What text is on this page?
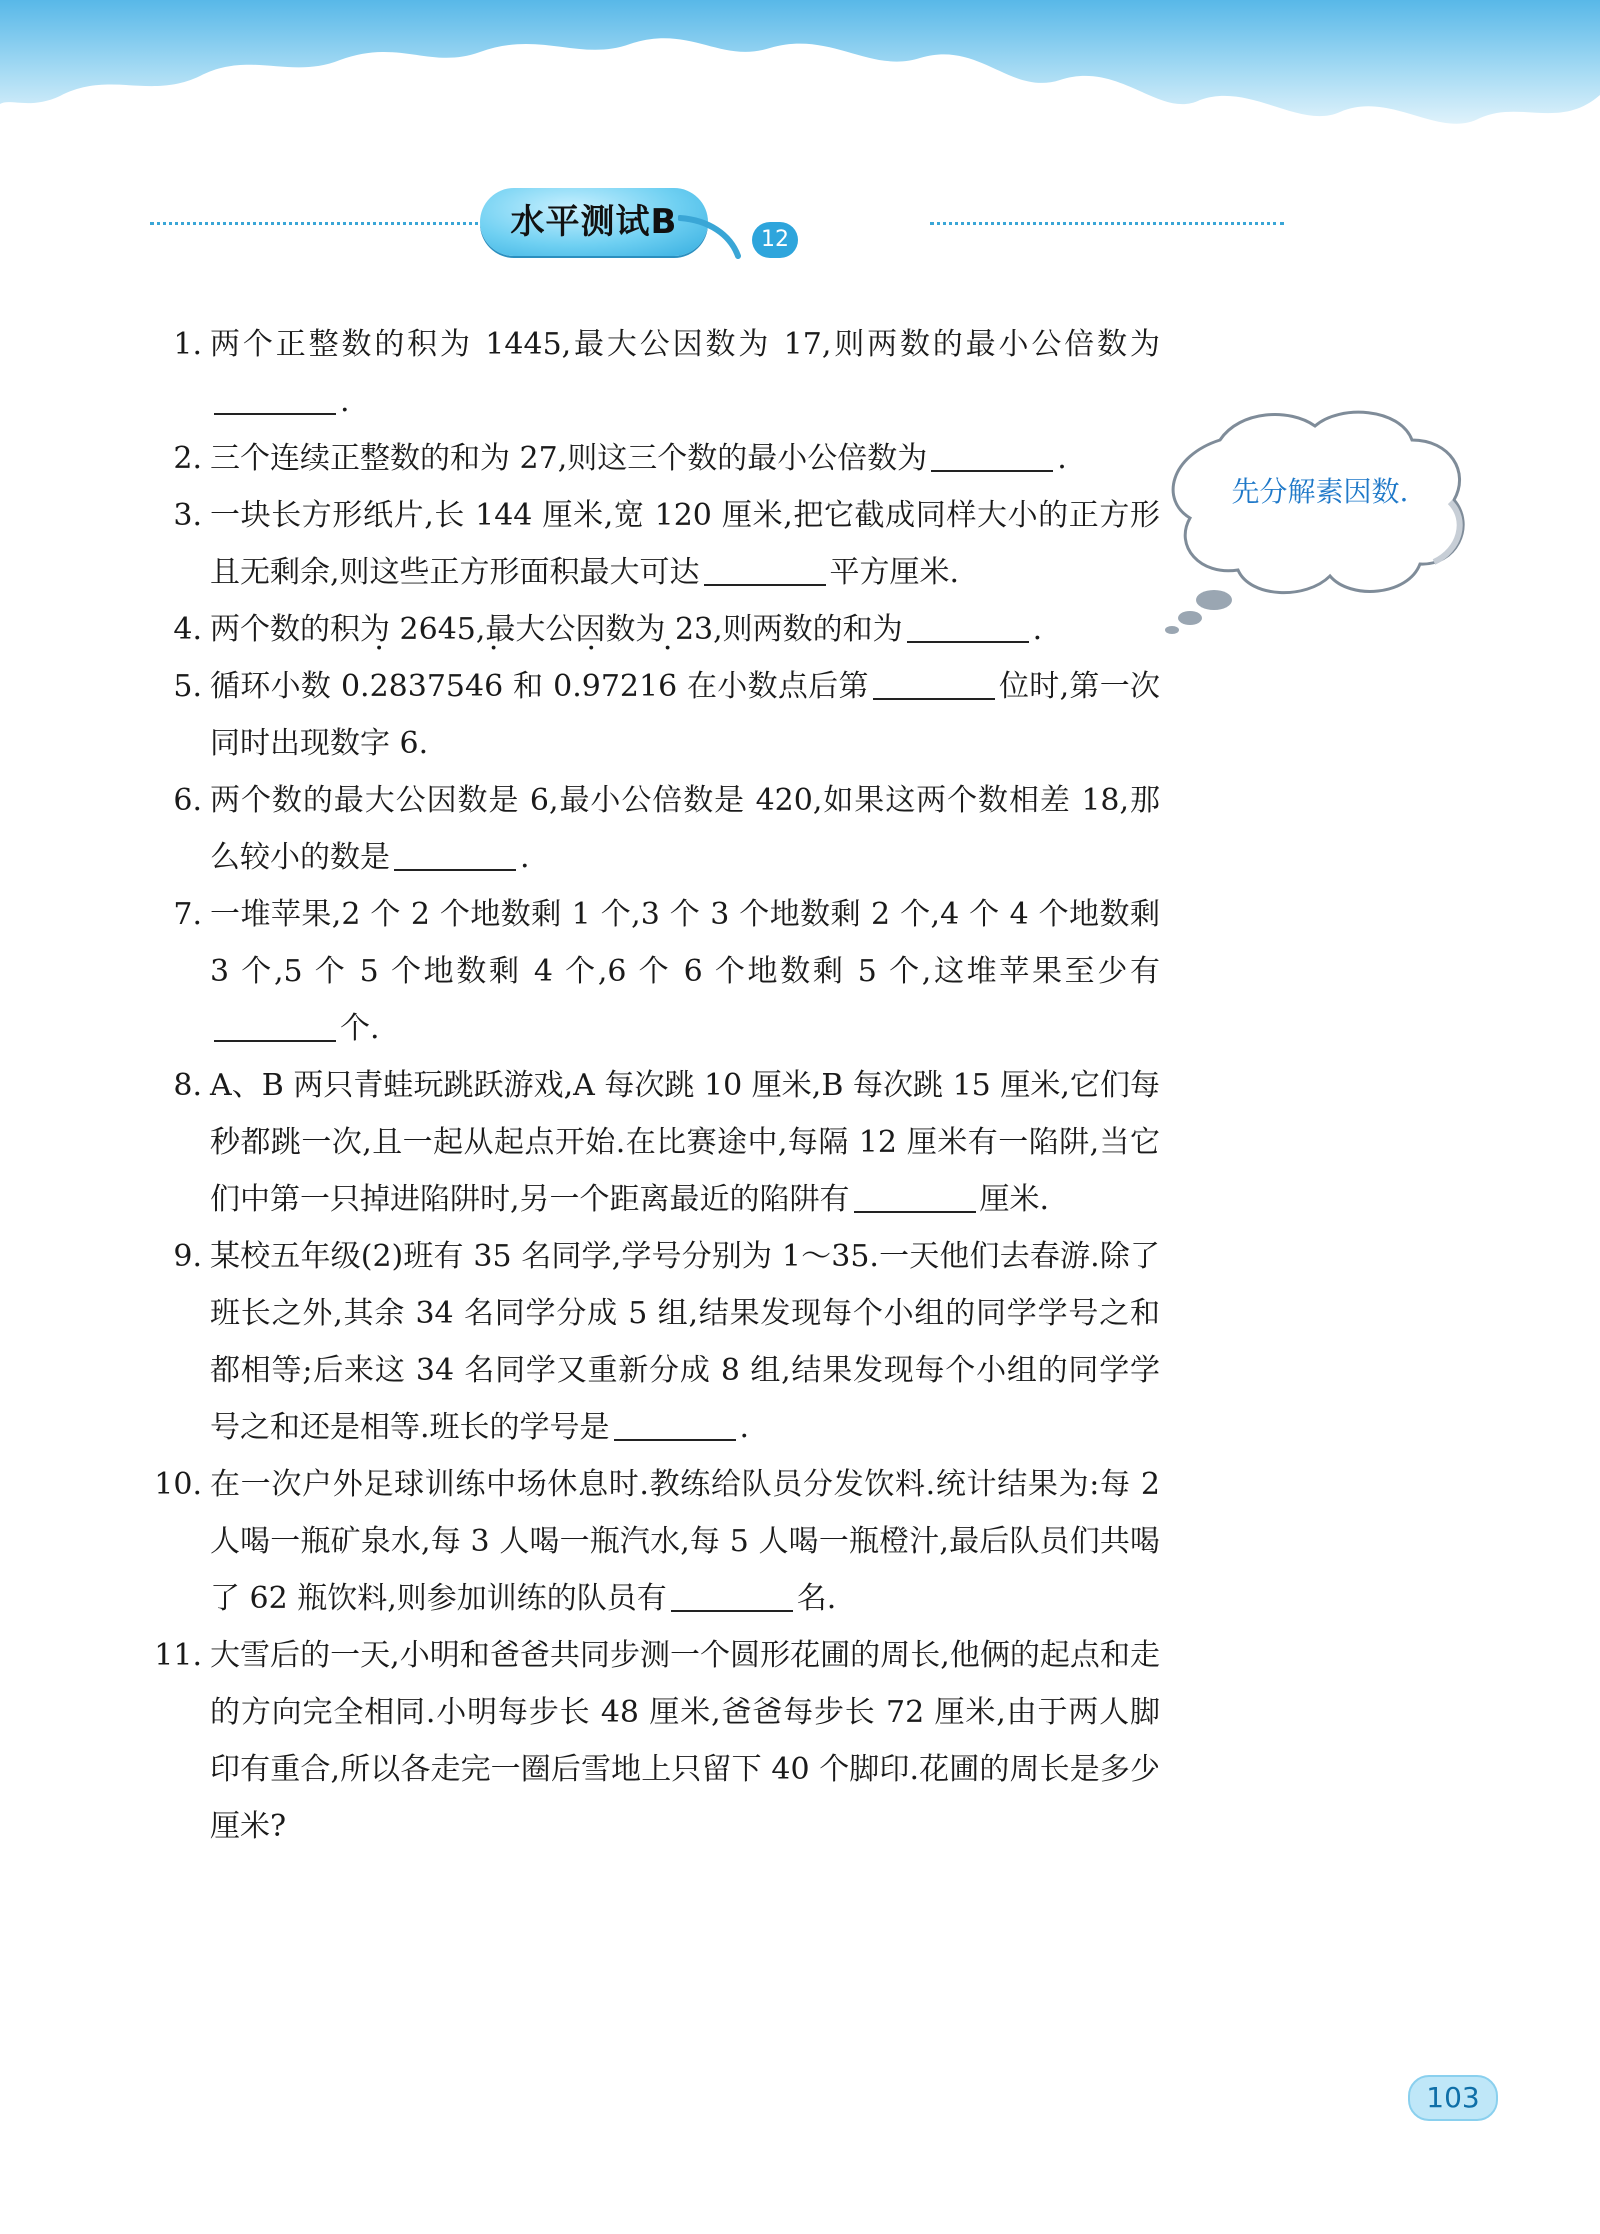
水平测试B	12
先分解素因数.
1. 两个正整数的积为 1445,最大公因数为 17,则两数的最小公倍数为.
2. 三个连续正整数的和为 27,则这三个数的最小公倍数为	.
3. 一块长方形纸片,长 144 厘米,宽 120 厘米,把它截成同样大小的正方形且无剩余,则这些正方形面积最大可达	平方厘米.
4. 两个数的积为 2645,最大公因数为 23,则两数的和为	.
5. 循环小数 0.· 283754· 6 和 0.· 9721· 6 在小数点后第	位时,第一次同时出现数字 6.
6. 两个数的最大公因数是 6,最小公倍数是 420,如果这两个数相差 18,那么较小的数是	.
7. 一堆苹果,2 个 2 个地数剩 1 个,3 个 3 个地数剩 2 个,4 个 4 个地数剩 3 个,5 个 5 个地数剩 4 个,6 个 6 个地数剩 5 个,这堆苹果至少有个.
8. A、B 两只青蛙玩跳跃游戏,A 每次跳 10 厘米,B 每次跳 15 厘米,它们每秒都跳一次,且一起从起点开始.在比赛途中,每隔 12 厘米有一陷阱,当它们中第一只掉进陷阱时,另一个距离最近的陷阱有	厘米.
9. 某校五年级(2)班有 35 名同学,学号分别为 1～35.一天他们去春游.除了班长之外,其余 34 名同学分成 5 组,结果发现每个小组的同学学号之和都相等;后来这 34 名同学又重新分成 8 组,结果发现每个小组的同学学号之和还是相等.班长的学号是	.
10. 在一次户外足球训练中场休息时.教练给队员分发饮料.统计结果为:每 2 人喝一瓶矿泉水,每 3 人喝一瓶汽水,每 5 人喝一瓶橙汁,最后队员们共喝了 62 瓶饮料,则参加训练的队员有	名.
11. 大雪后的一天,小明和爸爸共同步测一个圆形花圃的周长,他俩的起点和走的方向完全相同.小明每步长 48 厘米,爸爸每步长 72 厘米,由于两人脚印有重合,所以各走完一圈后雪地上只留下 40 个脚印.花圃的周长是多少厘米?
103
